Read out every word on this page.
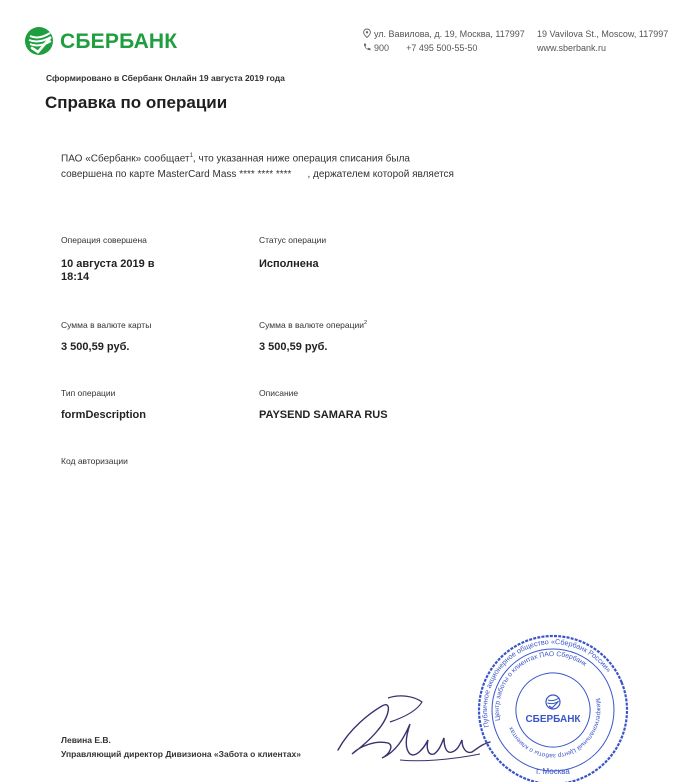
СБЕРБАНК	ул. Вавилова, д. 19, Москва, 117997
900 +7 495 500-55-50
19 Vavilova St., Moscow, 117997
www.sberbank.ru
Сформировано в Сбербанк Онлайн 19 августа 2019 года
Справка по операции
ПАО «Сбербанк» сообщает$^1$, что указанная ниже операция списания была
совершена по карте MasterCard Mass **** **** **** , держателем которой является
Операция совершена
10 августа 2019 в
18:14
Статус операции
Исполнена
Сумма в валюте карты
3 500,59 руб.
Сумма в валюте операции$^2$
3 500,59 руб.
Тип операции
formDescription
Описание
PAYSEND SAMARA RUS
Код авторизации
Левина Е.В.
Управляющий директор Дивизиона «Забота о клиентах»
Публичное акционерное общество «Сбербанк России»
Центр заботы о клиентах ПАО Сбербанк
Межрегиональный Центр заботы о клиентах
СБЕРБАНК
г. Москва
